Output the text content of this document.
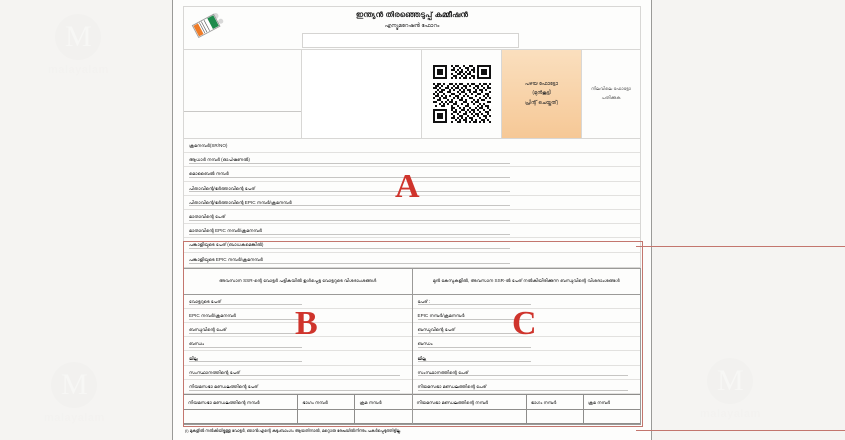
M
malayalam
M
malayalam
M
malayalam
ഇന്ത്യൻ തിരഞ്ഞെടുപ്പ് കമ്മീഷൻ
എന്യൂമറേഷൻ ഫോറം
പഴയ ഫോട്ടോ
(മുൻകൂട്ടി
പ്രിന്റ് ചെയ്തത്)
നിലവിലെ ഫോട്ടോ
പതിക്കുക
ക്രമനമ്പർ(SR/NO)
ആധാർ നമ്പർ (ഓപ്ഷണൽ)
മൊബൈൽ നമ്പർ
പിതാവിന്റെ/ഭർത്താവിന്റെ പേര്
പിതാവിന്റെ/ഭർത്താവിന്റെ EPIC നമ്പർ/ക്രമനമ്പർ
മാതാവിന്റെ പേര്
മാതാവിന്റെ EPIC നമ്പർ/ക്രമനമ്പർ
പങ്കാളിയുടെ പേര് (ബാധകമെങ്കിൽ)
പങ്കാളിയുടെ EPIC നമ്പർ/ക്രമനമ്പർ
അവസാന SSR-ന്റെ വോട്ടർ പട്ടികയിൽ ഉൾപ്പെട്ട വോട്ടറുടെ വിശദാംശങ്ങൾ
വോട്ടറുടെ പേര്
EPIC നമ്പർ/ക്രമനമ്പർ
ബന്ധുവിന്റെ പേര്
ബന്ധം
ജില്ല
സംസ്ഥാനത്തിന്റെ പേര്
നിയമസഭാ മണ്ഡലത്തിന്റെ പേര്
നിയമസഭാ മണ്ഡലത്തിന്റെ നമ്പർ	ഭാഗം നമ്പർ	ക്രമ നമ്പർ
മുൻ കേസുകളിൽ, അവസാന SSR-ൽ പേര് നൽകിയിരിക്കുന്ന ബന്ധുവിന്റെ വിശദാംശങ്ങൾ
പേര് :
EPIC നമ്പർ/ക്രമനമ്പർ
ബന്ധുവിന്റെ പേര്
ബന്ധം
ജില്ല
സംസ്ഥാനത്തിന്റെ പേര്
നിയമസഭാ മണ്ഡലത്തിന്റെ പേര്
നിയമസഭാ മണ്ഡലത്തിന്റെ നമ്പർ	ഭാഗം നമ്പർ	ക്രമ നമ്പർ
(i) മുകളിൽ നൽകിയിട്ടുള്ള വോട്ടർ, ഞാൻ/എന്റെ കുടുംബാംഗം ആയതിനാൽ, മറ്റൊരു രേഖയിൽനിന്നും പകർപ്പെടുത്തിട്ടില്ല.
A
B	C
